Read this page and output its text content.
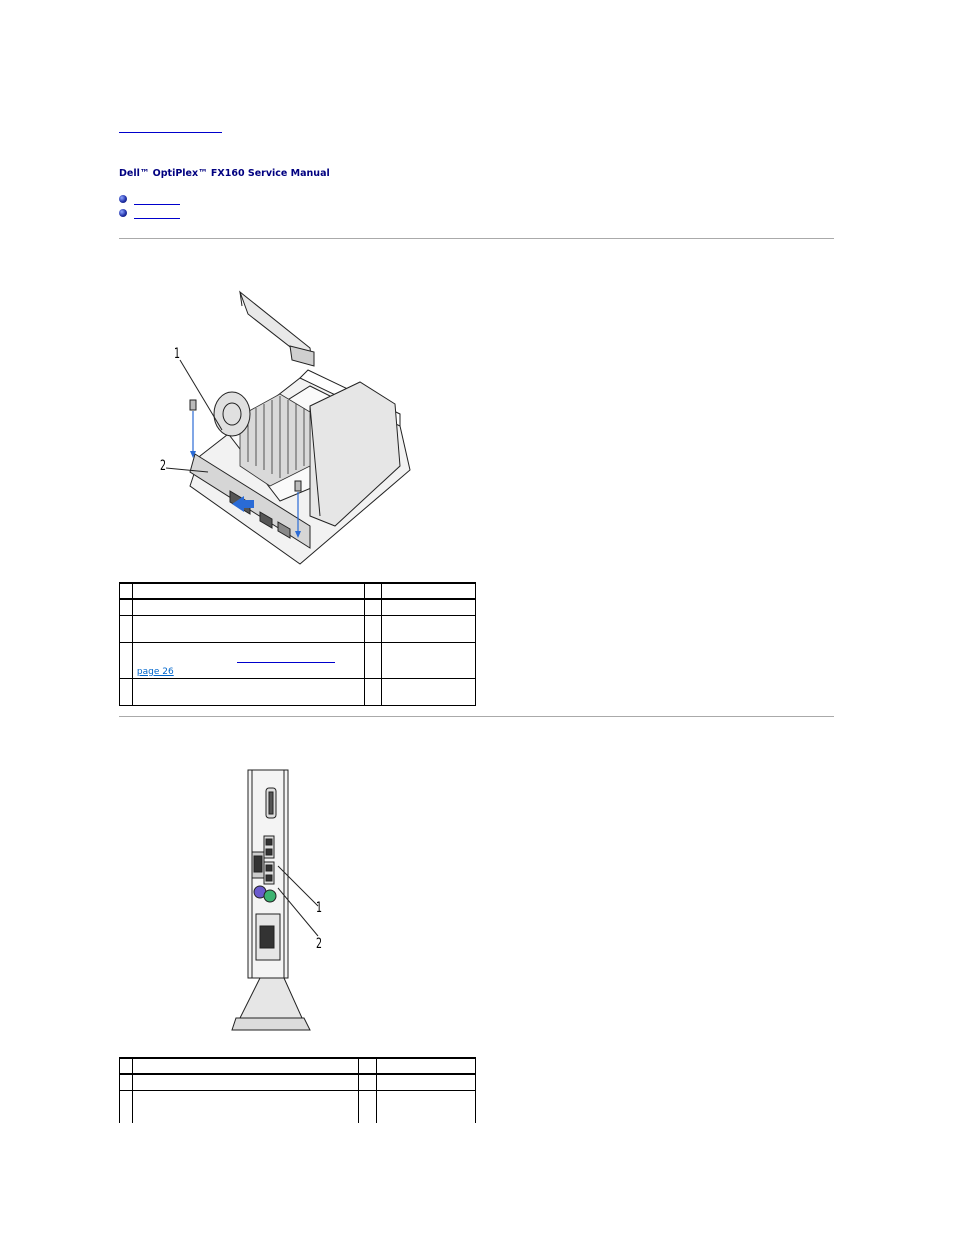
Dell™ OptiPlex™ FX160 Service Manual
1
2

page 26		

1
2
